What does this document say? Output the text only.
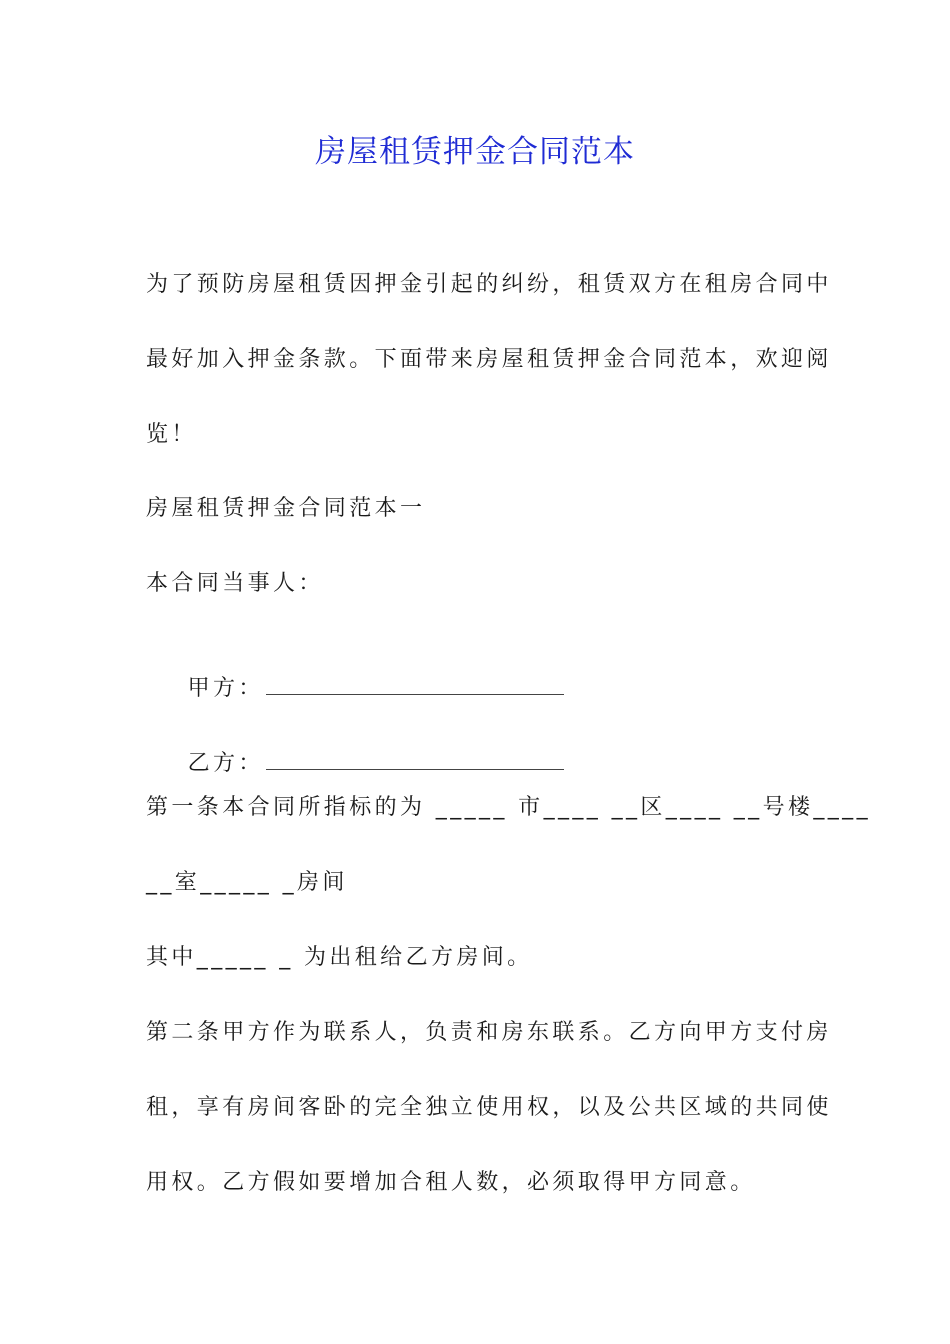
房屋租赁押金合同范本

为了预防房屋租赁因押金引起的纠纷，租赁双方在租房合同中

最好加入押金条款。下面带来房屋租赁押金合同范本，欢迎阅

览！

房屋租赁押金合同范本一

本合同当事人：

甲方：

乙方：

第一条本合同所指标的为 _____ 市____ __区____ __号楼____

__室_____ _房间

其中_____ _ 为出租给乙方房间。

第二条甲方作为联系人，负责和房东联系。乙方向甲方支付房

租，享有房间客卧的完全独立使用权，以及公共区域的共同使

用权。乙方假如要增加合租人数，必须取得甲方同意。
